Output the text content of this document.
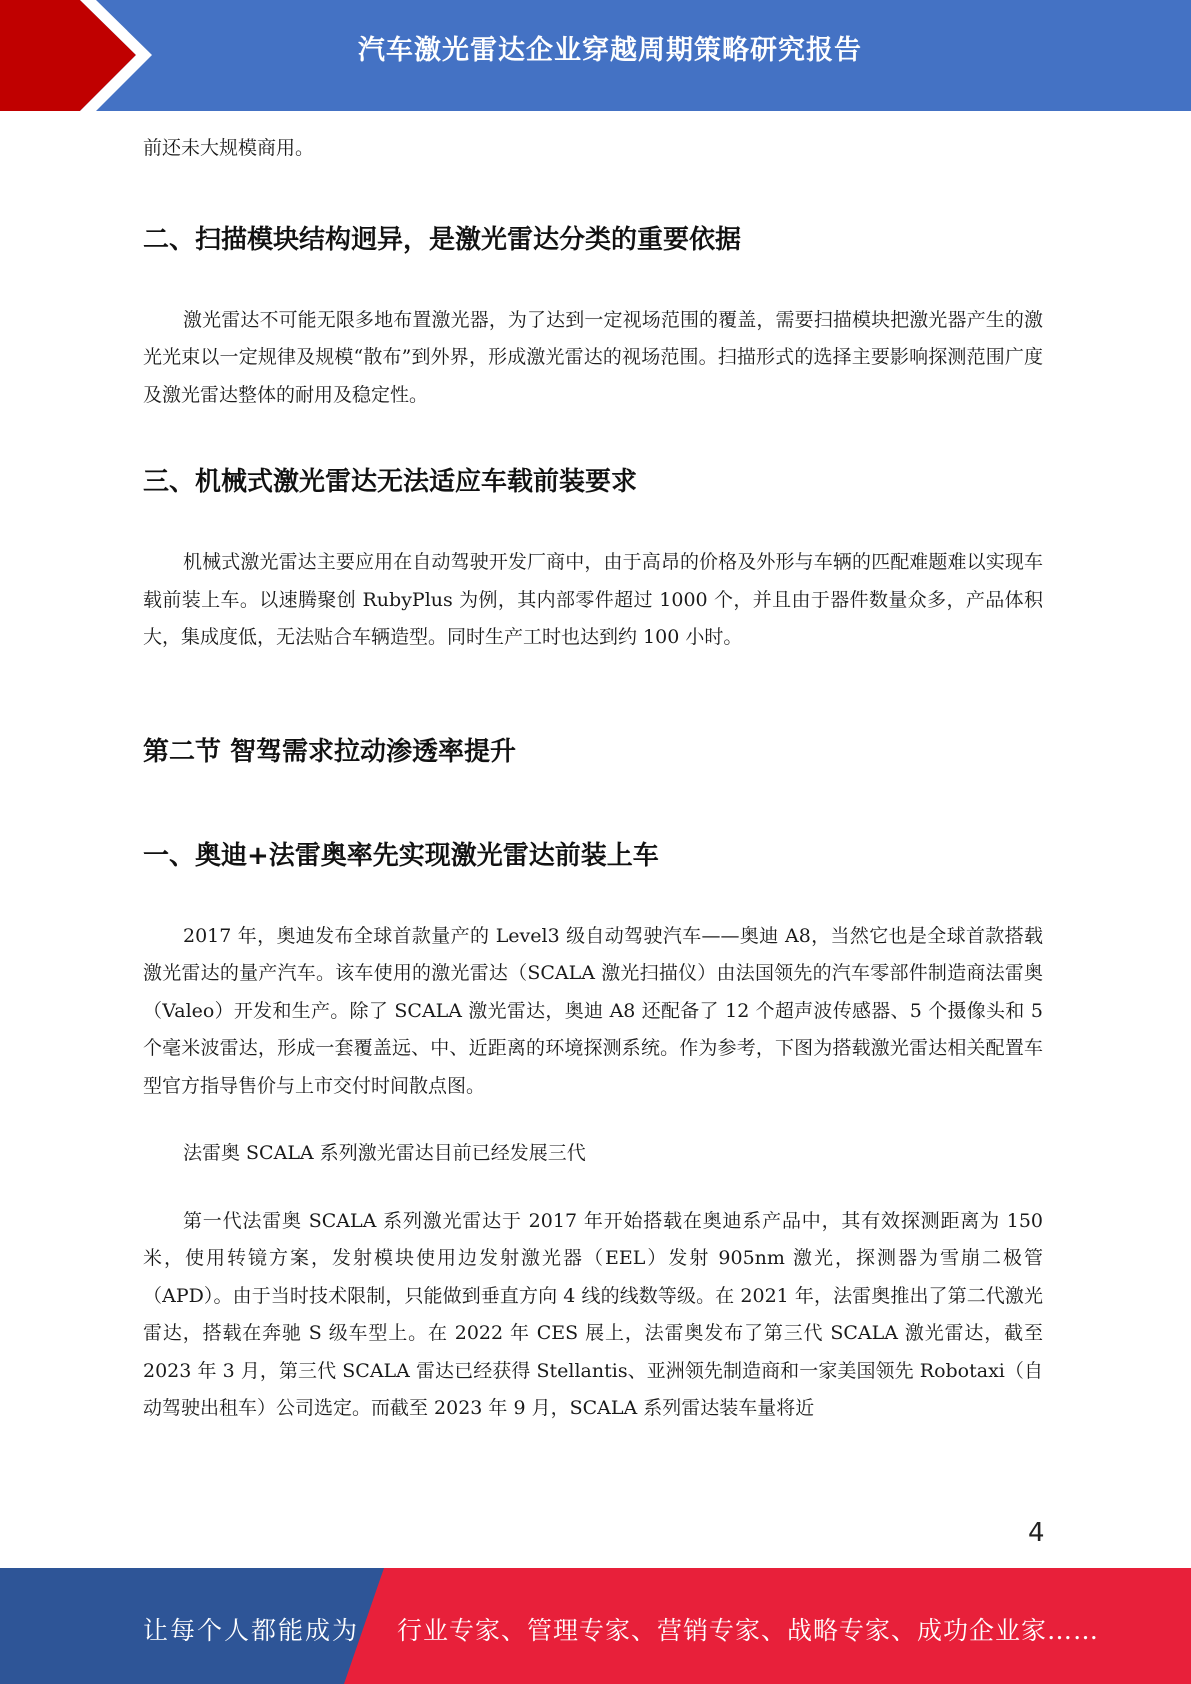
汽车激光雷达企业穿越周期策略研究报告

前还未大规模商用。

二、扫描模块结构迥异，是激光雷达分类的重要依据

激光雷达不可能无限多地布置激光器，为了达到一定视场范围的覆盖，需要扫描模块把激光器产生的激光光束以一定规律及规模“散布”到外界，形成激光雷达的视场范围。扫描形式的选择主要影响探测范围广度及激光雷达整体的耐用及稳定性。

三、机械式激光雷达无法适应车载前装要求

机械式激光雷达主要应用在自动驾驶开发厂商中，由于高昂的价格及外形与车辆的匹配难题难以实现车载前装上车。以速腾聚创 RubyPlus 为例，其内部零件超过 1000 个，并且由于器件数量众多，产品体积大，集成度低，无法贴合车辆造型。同时生产工时也达到约 100 小时。

第二节 智驾需求拉动渗透率提升
一、奥迪+法雷奥率先实现激光雷达前装上车

2017 年，奥迪发布全球首款量产的 Level3 级自动驾驶汽车——奥迪 A8，当然它也是全球首款搭载激光雷达的量产汽车。该车使用的激光雷达（SCALA 激光扫描仪）由法国领先的汽车零部件制造商法雷奥（Valeo）开发和生产。除了 SCALA 激光雷达，奥迪 A8 还配备了 12 个超声波传感器、5 个摄像头和 5 个毫米波雷达，形成一套覆盖远、中、近距离的环境探测系统。作为参考，下图为搭载激光雷达相关配置车型官方指导售价与上市交付时间散点图。

法雷奥 SCALA 系列激光雷达目前已经发展三代

第一代法雷奥 SCALA 系列激光雷达于 2017 年开始搭载在奥迪系产品中，其有效探测距离为 150 米，使用转镜方案，发射模块使用边发射激光器（EEL）发射 905nm 激光，探测器为雪崩二极管（APD）。由于当时技术限制，只能做到垂直方向 4 线的线数等级。在 2021 年，法雷奥推出了第二代激光雷达，搭载在奔驰 S 级车型上。在 2022 年 CES 展上，法雷奥发布了第三代 SCALA 激光雷达，截至 2023 年 3 月，第三代 SCALA 雷达已经获得 Stellantis、亚洲领先制造商和一家美国领先 Robotaxi（自动驾驶出租车）公司选定。而截至 2023 年 9 月，SCALA 系列雷达装车量将近

4
让每个人都能成为 行业专家、管理专家、营销专家、战略专家、成功企业家……
